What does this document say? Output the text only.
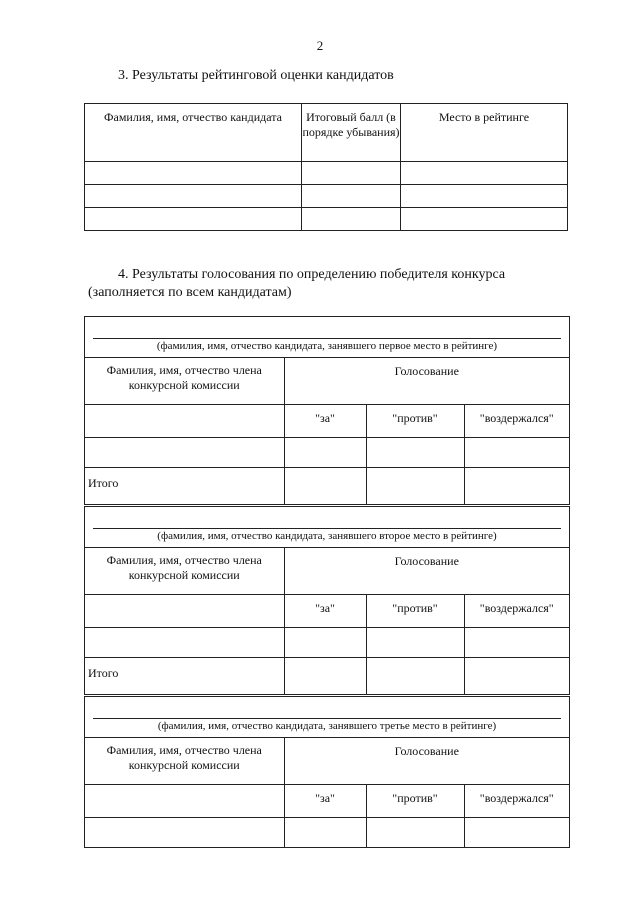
2
3. Результаты рейтинговой оценки кандидатов
Фамилия, имя, отчество кандидата	Итоговый балл (в порядке убывания)	Место в рейтинге

4. Результаты голосования по определению победителя конкурса
(заполняется по всем кандидатам)
(фамилия, имя, отчество кандидата, занявшего первое место в рейтинге)
Фамилия, имя, отчество члена конкурсной комиссии	Голосование		
	"за"	"против"	"воздержался"

Итого			
(фамилия, имя, отчество кандидата, занявшего второе место в рейтинге)
Фамилия, имя, отчество члена конкурсной комиссии	Голосование		
	"за"	"против"	"воздержался"

Итого			
(фамилия, имя, отчество кандидата, занявшего третье место в рейтинге)
Фамилия, имя, отчество члена конкурсной комиссии	Голосование		
	"за"	"против"	"воздержался"
